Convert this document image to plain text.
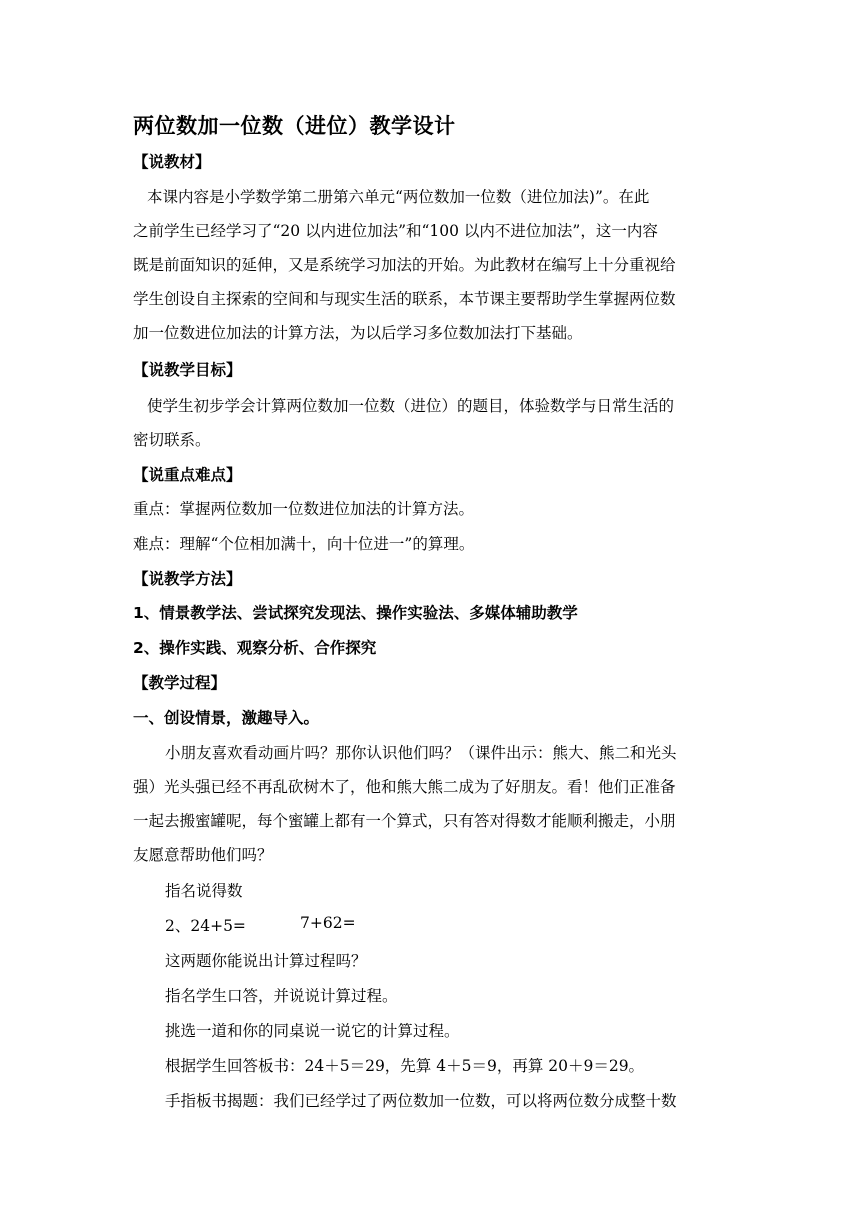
两位数加一位数（进位）教学设计
【说教材】
本课内容是小学数学第二册第六单元“两位数加一位数（进位加法)”。在此
之前学生已经学习了“20 以内进位加法”和“100 以内不进位加法”，这一内容
既是前面知识的延伸，又是系统学习加法的开始。为此教材在编写上十分重视给
学生创设自主探索的空间和与现实生活的联系，本节课主要帮助学生掌握两位数
加一位数进位加法的计算方法，为以后学习多位数加法打下基础。
【说教学目标】
使学生初步学会计算两位数加一位数（进位）的题目，体验数学与日常生活的
密切联系。
【说重点难点】
重点：掌握两位数加一位数进位加法的计算方法。
难点：理解“个位相加满十，向十位进一”的算理。
【说教学方法】
1、情景教学法、尝试探究发现法、操作实验法、多媒体辅助教学
2、操作实践、观察分析、合作探究
【教学过程】
一、创设情景，激趣导入。
小朋友喜欢看动画片吗？那你认识他们吗？（课件出示：熊大、熊二和光头
强）光头强已经不再乱砍树木了，他和熊大熊二成为了好朋友。看！他们正准备
一起去搬蜜罐呢，每个蜜罐上都有一个算式，只有答对得数才能顺利搬走，小朋
友愿意帮助他们吗？
指名说得数
2、24+5=	7+62=
这两题你能说出计算过程吗？
指名学生口答，并说说计算过程。
挑选一道和你的同桌说一说它的计算过程。
根据学生回答板书：24＋5＝29，先算 4＋5＝9，再算 20＋9＝29。
手指板书揭题：我们已经学过了两位数加一位数，可以将两位数分成整十数
